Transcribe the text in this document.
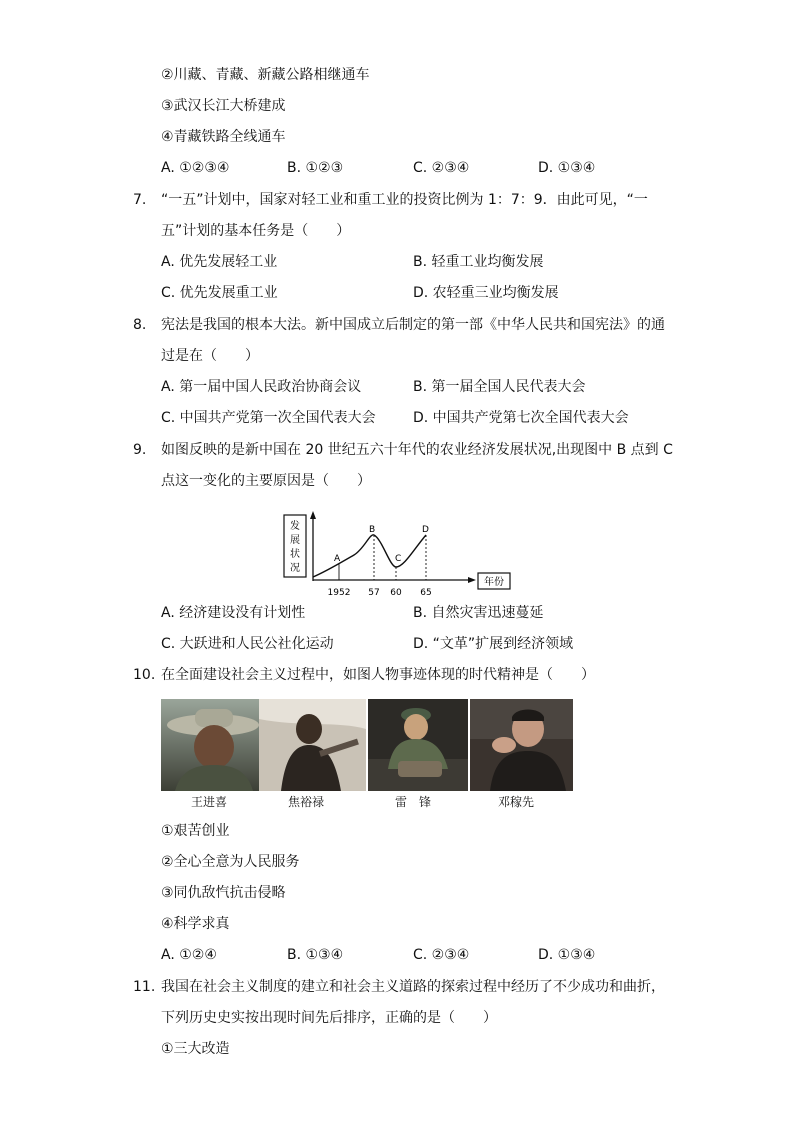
②川藏、青藏、新藏公路相继通车
③武汉长江大桥建成
④青藏铁路全线通车
A. ①②③④	B. ①②③	C. ②③④	D. ①③④
7. “一五”计划中，国家对轻工业和重工业的投资比例为 1：7：9．由此可见，“一
五”计划的基本任务是（　　）
A. 优先发展轻工业	B. 轻重工业均衡发展
C. 优先发展重工业	D. 农轻重三业均衡发展
8. 宪法是我国的根本大法。新中国成立后制定的第一部《中华人民共和国宪法》的通
过是在（　　）
A. 第一届中国人民政治协商会议	B. 第一届全国人民代表大会
C. 中国共产党第一次全国代表大会	D. 中国共产党第七次全国代表大会
9. 如图反映的是新中国在 20 世纪五六十年代的农业经济发展状况,出现图中 B 点到 C
点这一变化的主要原因是（　　）
发
展
状
况
年份
A
B
C
D
1952 57 60 65
A. 经济建设没有计划性	B. 自然灾害迅速蔓延
C. 大跃进和人民公社化运动	D. “文革”扩展到经济领域
10. 在全面建设社会主义过程中，如图人物事迹体现的时代精神是（　　）
王进喜	焦裕禄	雷　锋	邓稼先
①艰苦创业
②全心全意为人民服务
③同仇敌忾抗击侵略
④科学求真
A. ①②④	B. ①③④	C. ②③④	D. ①③④
11. 我国在社会主义制度的建立和社会主义道路的探索过程中经历了不少成功和曲折，
下列历史史实按出现时间先后排序，正确的是（　　）
①三大改造
